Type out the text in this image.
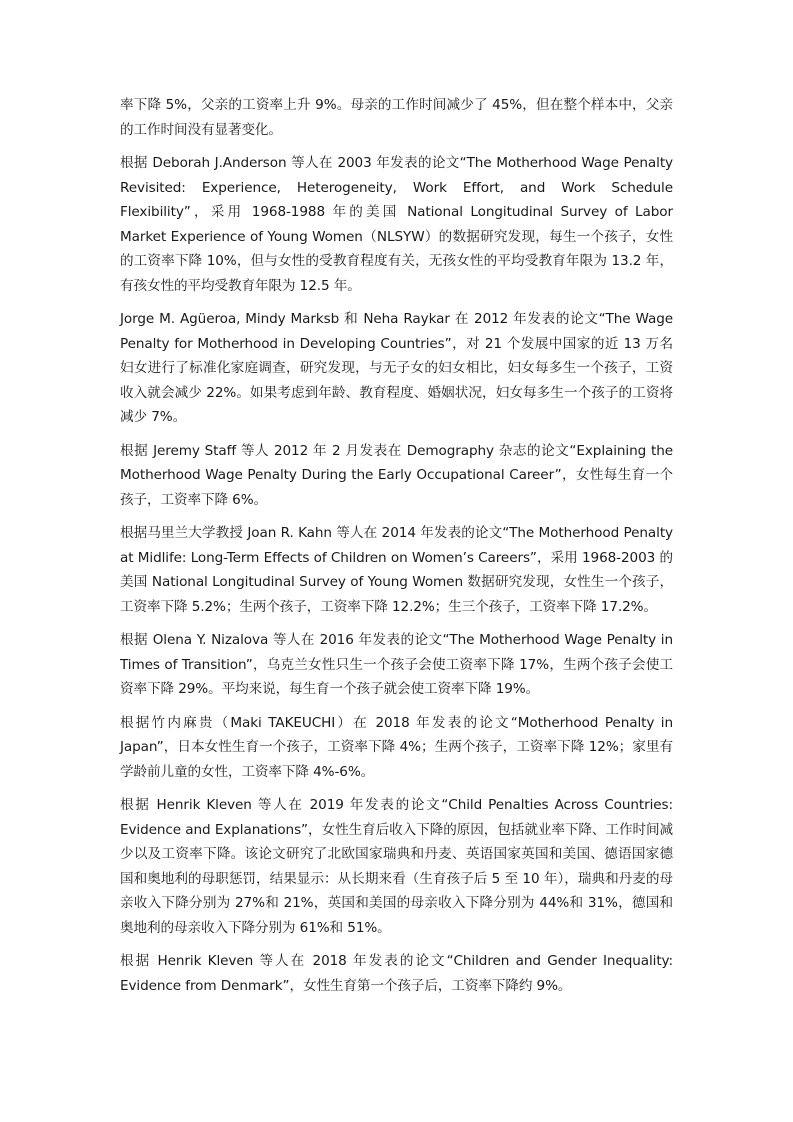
率下降 5%，父亲的工资率上升 9%。母亲的工作时间减少了 45%，但在整个样本中，父亲的工作时间没有显著变化。

根据 Deborah J.Anderson 等人在 2003 年发表的论文“The Motherhood Wage Penalty Revisited: Experience, Heterogeneity, Work Effort, and Work Schedule Flexibility”，采用 1968-1988 年的美国 National Longitudinal Survey of Labor Market Experience of Young Women（NLSYW）的数据研究发现，每生一个孩子，女性的工资率下降 10%，但与女性的受教育程度有关，无孩女性的平均受教育年限为 13.2 年，有孩女性的平均受教育年限为 12.5 年。

Jorge M. Agüeroa, Mindy Marksb 和 Neha Raykar 在 2012 年发表的论文“The Wage Penalty for Motherhood in Developing Countries”，对 21 个发展中国家的近 13 万名妇女进行了标准化家庭调查，研究发现，与无子女的妇女相比，妇女每多生一个孩子，工资收入就会减少 22%。如果考虑到年龄、教育程度、婚姻状况，妇女每多生一个孩子的工资将减少 7%。

根据 Jeremy Staff 等人 2012 年 2 月发表在 Demography 杂志的论文“Explaining the Motherhood Wage Penalty During the Early Occupational Career”，女性每生育一个孩子，工资率下降 6%。

根据马里兰大学教授 Joan R. Kahn 等人在 2014 年发表的论文“The Motherhood Penalty at Midlife: Long-Term Effects of Children on Women’s Careers”，采用 1968-2003 的美国 National Longitudinal Survey of Young Women 数据研究发现，女性生一个孩子，工资率下降 5.2%；生两个孩子，工资率下降 12.2%；生三个孩子，工资率下降 17.2%。

根据 Olena Y. Nizalova 等人在 2016 年发表的论文“The Motherhood Wage Penalty in Times of Transition”，乌克兰女性只生一个孩子会使工资率下降 17%，生两个孩子会使工资率下降 29%。平均来说，每生育一个孩子就会使工资率下降 19%。

根据竹内麻贵（Maki TAKEUCHI）在 2018 年发表的论文“Motherhood Penalty in Japan”，日本女性生育一个孩子，工资率下降 4%；生两个孩子，工资率下降 12%；家里有学龄前儿童的女性，工资率下降 4%-6%。

根据 Henrik Kleven 等人在 2019 年发表的论文“Child Penalties Across Countries: Evidence and Explanations”，女性生育后收入下降的原因，包括就业率下降、工作时间减少以及工资率下降。该论文研究了北欧国家瑞典和丹麦、英语国家英国和美国、德语国家德国和奥地利的母职惩罚，结果显示：从长期来看（生育孩子后 5 至 10 年），瑞典和丹麦的母亲收入下降分别为 27%和 21%，英国和美国的母亲收入下降分别为 44%和 31%，德国和奥地利的母亲收入下降分别为 61%和 51%。

根据 Henrik Kleven 等人在 2018 年发表的论文“Children and Gender Inequality: Evidence from Denmark”，女性生育第一个孩子后，工资率下降约 9%。
